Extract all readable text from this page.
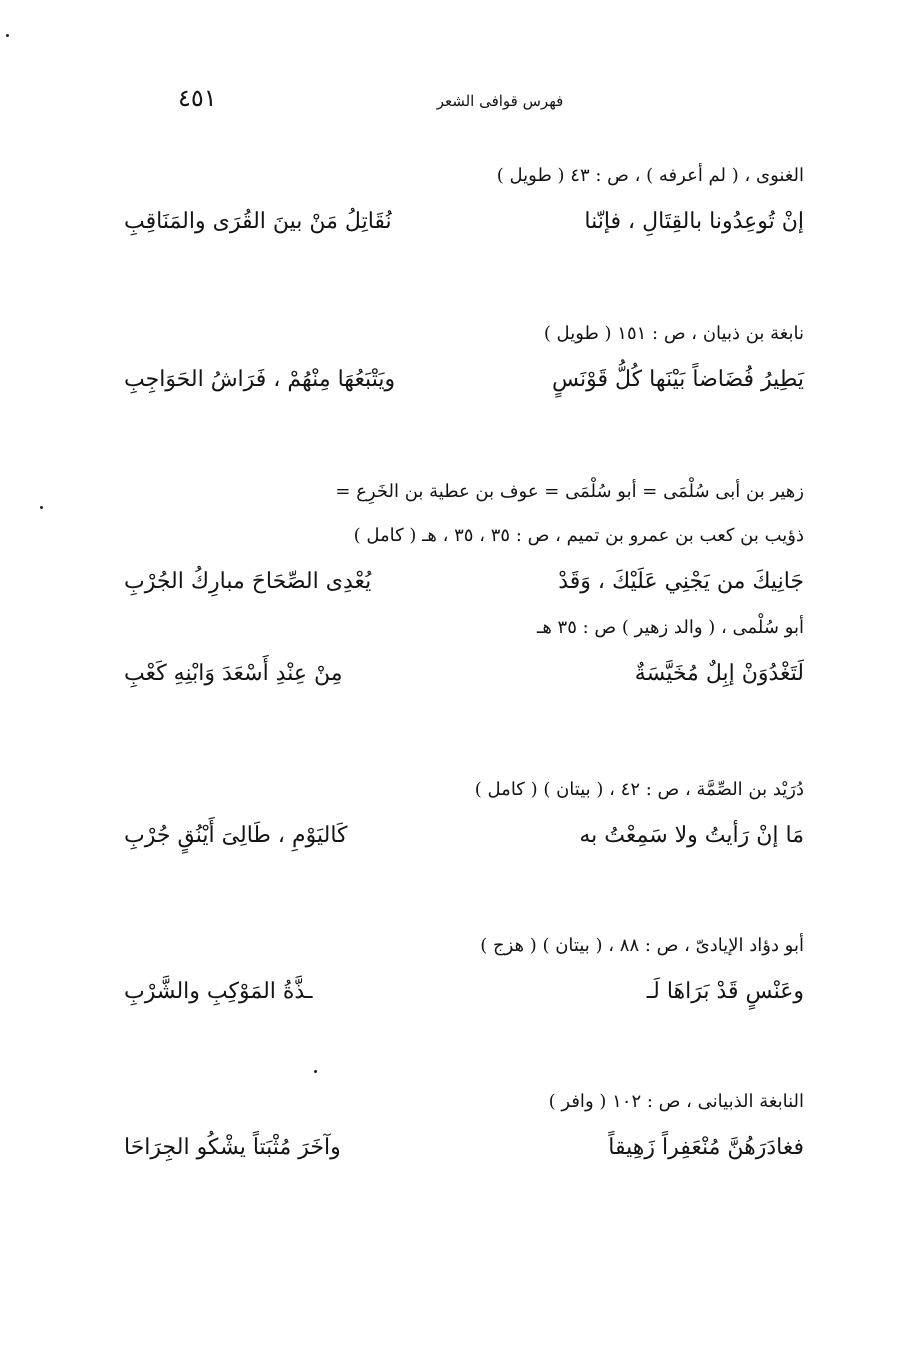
٤٥١	فهرس قوافى الشعر
الغنوى ، ( لم أعرفه ) ، ص : ٤٣ ( طويل )
إنْ تُوعِدُونا بالقِتَالِ ، فإنّنا
نُقَاتِلُ مَنْ بينَ القُرَى والمَنَاقِبِ
نابغة بن ذبيان ، ص : ١٥١ ( طويل )
يَطِيرُ فُضَاضاً بَيْنَها كُلُّ قَوْنَسٍ
ويَتْبَعُهَا مِنْهُمْ ، فَرَاشُ الحَوَاجِبِ
زهير بن أبى سُلْمَى = أبو سُلْمَى = عوف بن عطية بن الخَرِع =
ذؤيب بن كعب بن عمرو بن تميم ، ص : ٣٥ ، ٣٥ ، هـ ( كامل )
جَانِيكَ من يَجْنِي عَلَيْكَ ، وَقَدْ
يُعْدِى الصِّحَاحَ مبارِكُ الجُرْبِ
أبو سُلْمى ، ( والد زهير ) ص : ٣٥ هـ
لَتَغْدُوَنْ إبِلٌ مُخَيَّسَةٌ
مِنْ عِنْدِ أَسْعَدَ وَابْنِهِ كَعْبِ
دُرَيْد بن الصِّمَّة ، ص : ٤٢ ، ( بيتان ) ( كامل )
مَا إنْ رَأيتُ ولا سَمِعْتُ به
كَاليَوْمِ ، طَالِىَ أَيْنُقٍ جُرْبِ
أبو دؤاد الإيادىّ ، ص : ٨٨ ، ( بيتان ) ( هزج )
وعَنْسٍ قَدْ بَرَاهَا لَـ
ـذَّةُ المَوْكِبِ والشَّرْبِ
النابغة الذبيانى ، ص : ١٠٢ ( وافر )
فغادَرَهُنَّ مُنْعَفِراً زَهِيقاً
وآخَرَ مُثْبَتاً يشْكُو الجِرَاحَا
